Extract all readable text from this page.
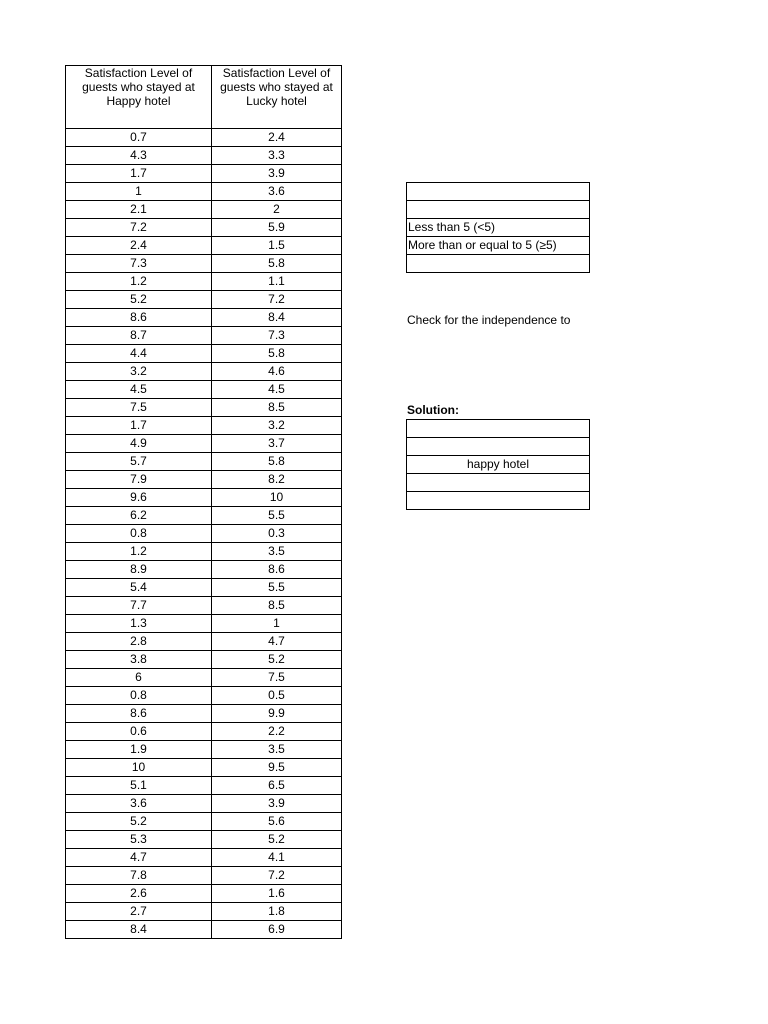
Satisfaction Level of
guests who stayed at
Happy hotel	Satisfaction Level of
guests who stayed at
Lucky hotel

0.7	2.4
4.3	3.3
1.7	3.9
1	3.6
2.1	2
7.2	5.9
2.4	1.5
7.3	5.8
1.2	1.1
5.2	7.2
8.6	8.4
8.7	7.3
4.4	5.8
3.2	4.6
4.5	4.5
7.5	8.5
1.7	3.2
4.9	3.7
5.7	5.8
7.9	8.2
9.6	10
6.2	5.5
0.8	0.3
1.2	3.5
8.9	8.6
5.4	5.5
7.7	8.5
1.3	1
2.8	4.7
3.8	5.2
6	7.5
0.8	0.5
8.6	9.9
0.6	2.2
1.9	3.5
10	9.5
5.1	6.5
3.6	3.9
5.2	5.6
5.3	5.2
4.7	4.1
7.8	7.2
2.6	1.6
2.7	1.8
8.4	6.9

Less than 5 (<5)
More than or equal to 5 (≥5)

Check for the independence to
Solution:

happy hotel
